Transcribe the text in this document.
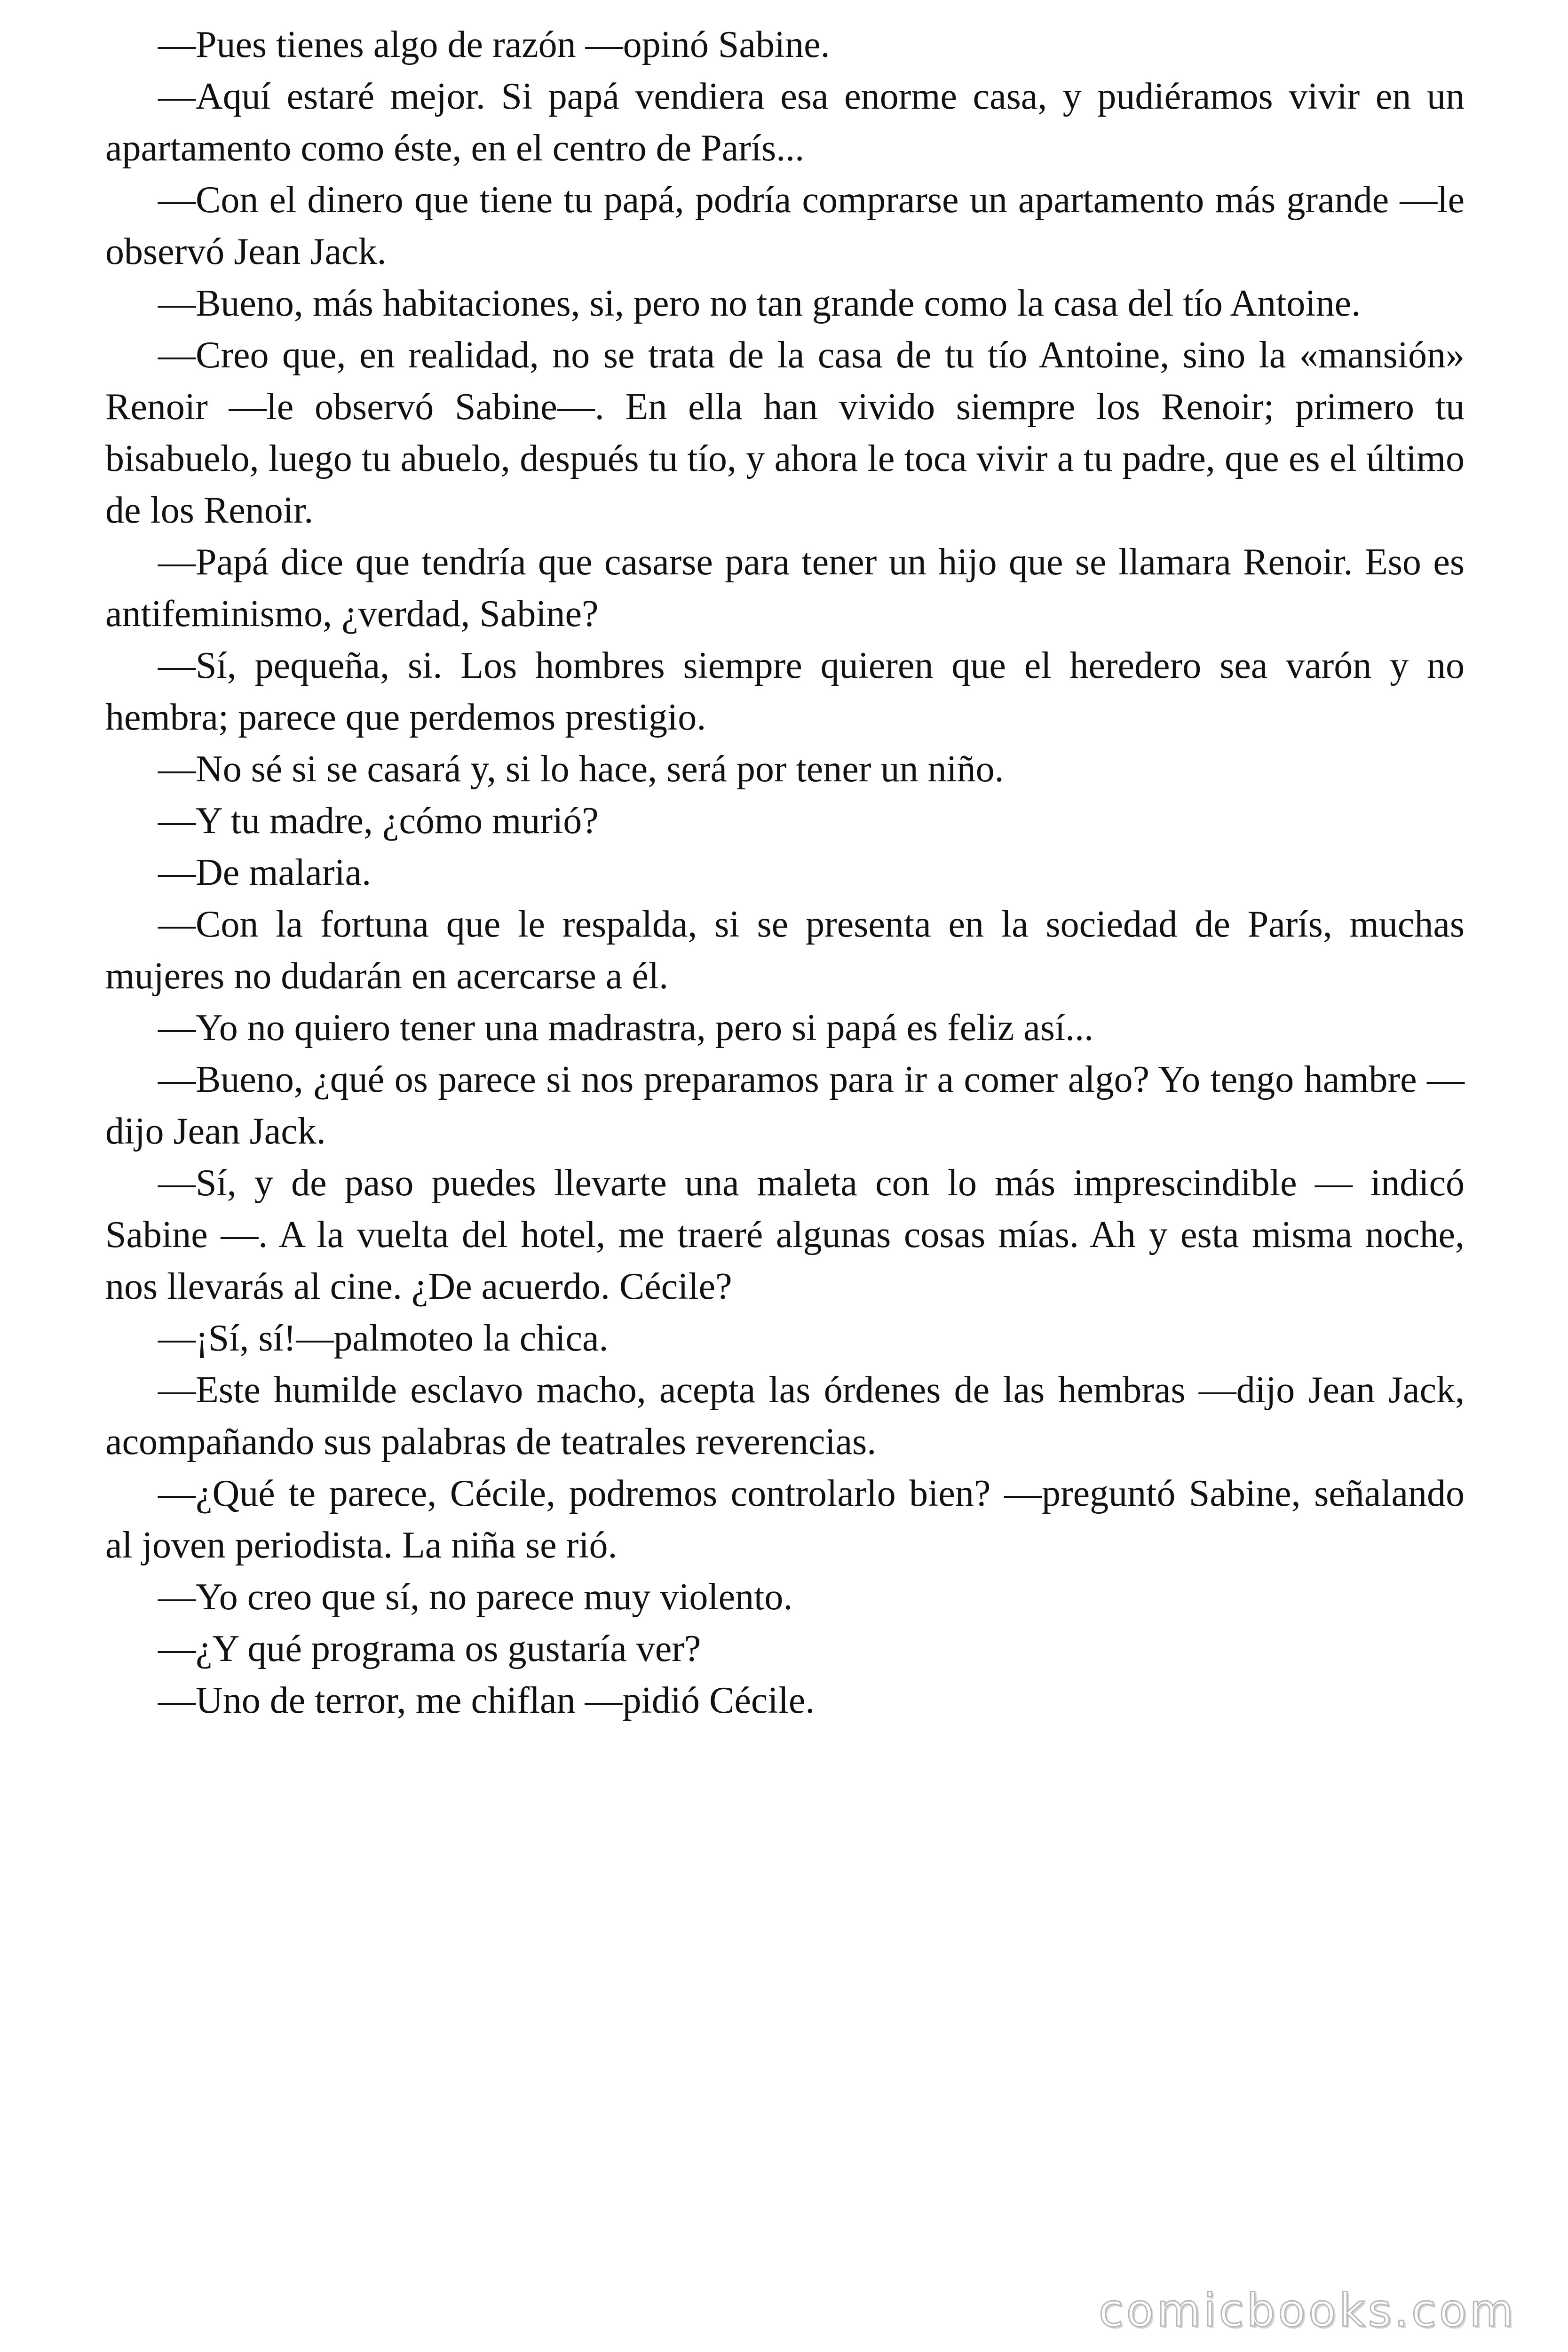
—Pues tienes algo de razón —opinó Sabine.

—Aquí estaré mejor. Si papá vendiera esa enorme casa, y pudiéramos vivir en un apartamento como éste, en el centro de París...

—Con el dinero que tiene tu papá, podría comprarse un apartamento más grande —le observó Jean Jack.

—Bueno, más habitaciones, si, pero no tan grande como la casa del tío Antoine.

—Creo que, en realidad, no se trata de la casa de tu tío Antoine, sino la «mansión» Renoir —le observó Sabine—. En ella han vivido siempre los Renoir; primero tu bisabuelo, luego tu abuelo, después tu tío, y ahora le toca vivir a tu padre, que es el último de los Renoir.

—Papá dice que tendría que casarse para tener un hijo que se llamara Renoir. Eso es antifeminismo, ¿verdad, Sabine?

—Sí, pequeña, si. Los hombres siempre quieren que el heredero sea varón y no hembra; parece que perdemos prestigio.

—No sé si se casará y, si lo hace, será por tener un niño.

—Y tu madre, ¿cómo murió?

—De malaria.

—Con la fortuna que le respalda, si se presenta en la sociedad de París, muchas mujeres no dudarán en acercarse a él.

—Yo no quiero tener una madrastra, pero si papá es feliz así...

—Bueno, ¿qué os parece si nos preparamos para ir a comer algo? Yo tengo hambre — dijo Jean Jack.

—Sí, y de paso puedes llevarte una maleta con lo más imprescindible — indicó Sabine —. A la vuelta del hotel, me traeré algunas cosas mías. Ah y esta misma noche, nos llevarás al cine. ¿De acuerdo. Cécile?

—¡Sí, sí!—palmoteo la chica.

—Este humilde esclavo macho, acepta las órdenes de las hembras —dijo Jean Jack, acompañando sus palabras de teatrales reverencias.

—¿Qué te parece, Cécile, podremos controlarlo bien? —preguntó Sabine, señalando al joven periodista. La niña se rió.

—Yo creo que sí, no parece muy violento.

—¿Y qué programa os gustaría ver?

—Uno de terror, me chiflan —pidió Cécile.

comicbooks.com
